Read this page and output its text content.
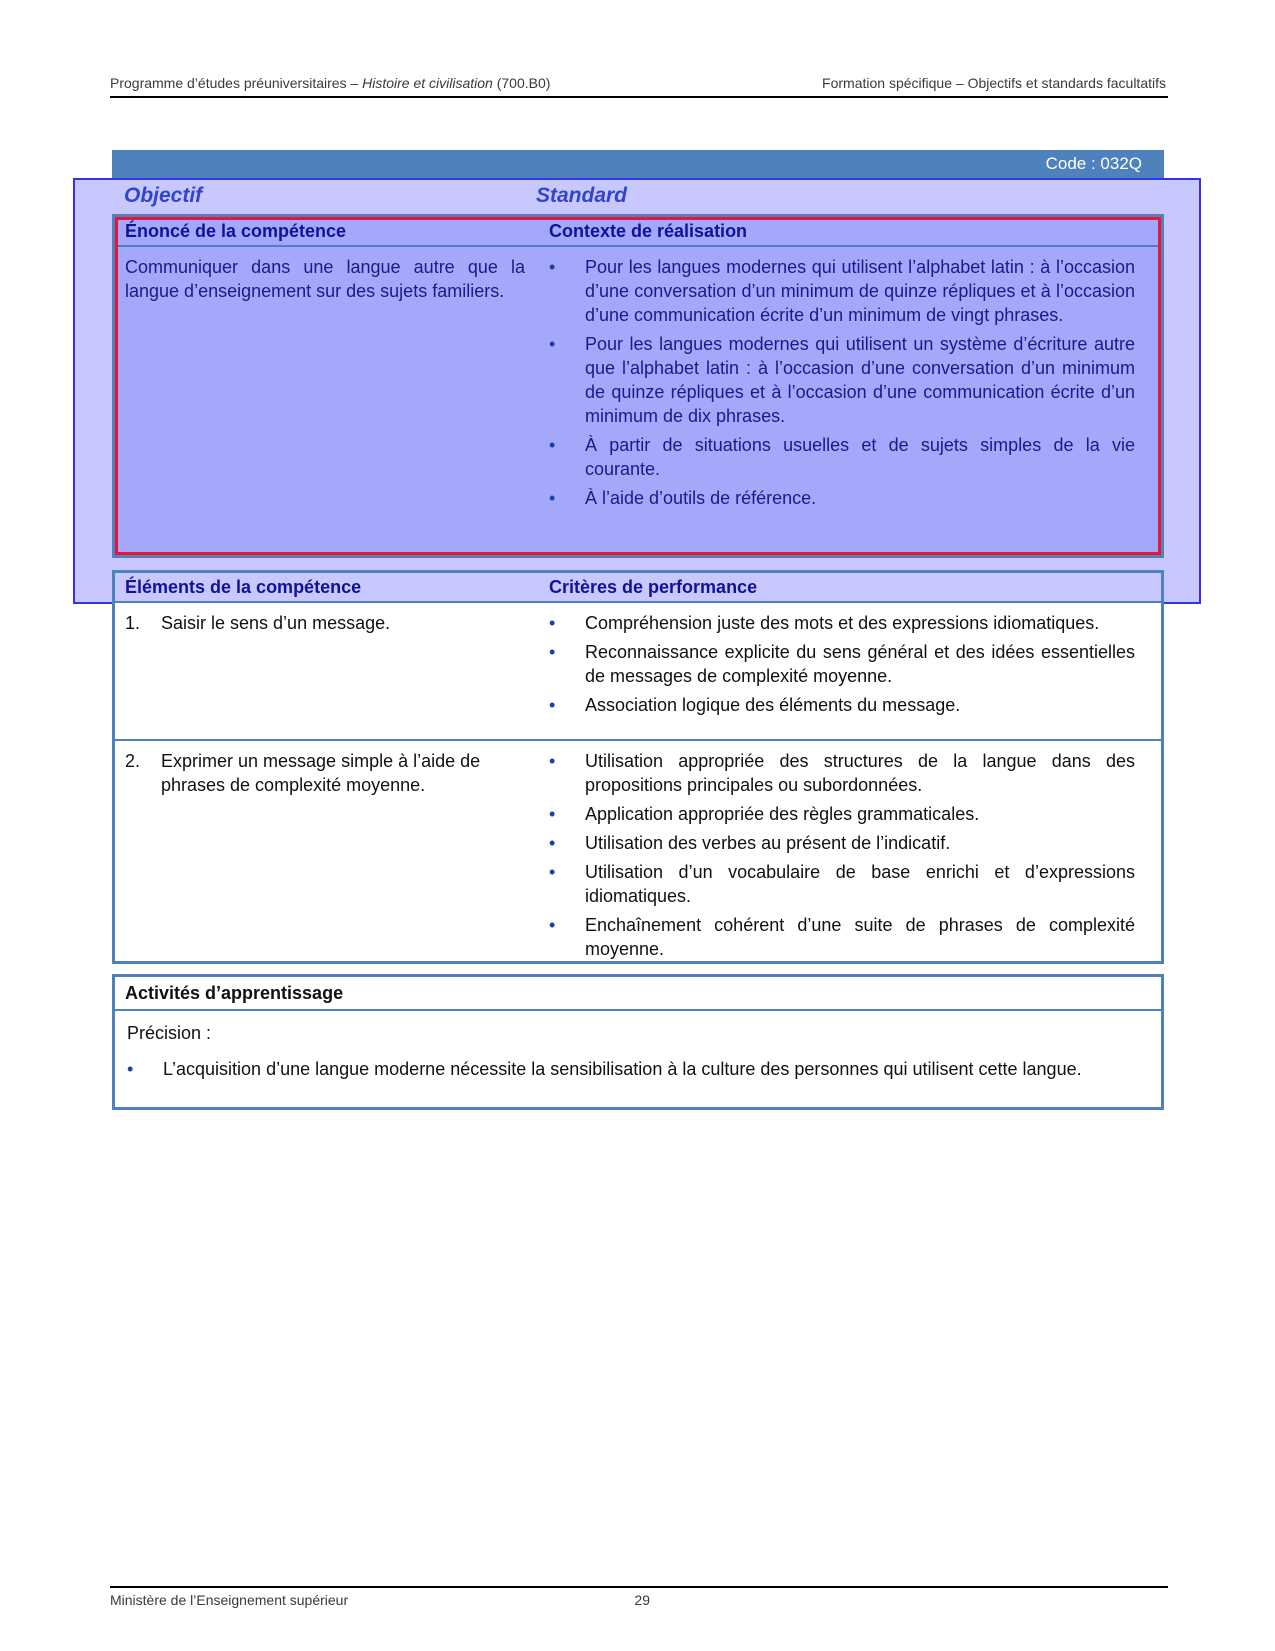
Programme d’études préuniversitaires – Histoire et civilisation (700.B0)	Formation spécifique – Objectifs et standards facultatifs
Code : 032Q
Objectif	Standard
Énoncé de la compétence	Contexte de réalisation
Communiquer dans une langue autre que la langue d’enseignement sur des sujets familiers.
• Pour les langues modernes qui utilisent l’alphabet latin : à l’occasion d’une conversation d’un minimum de quinze répliques et à l’occasion d’une communication écrite d’un minimum de vingt phrases.
• Pour les langues modernes qui utilisent un système d’écriture autre que l’alphabet latin : à l’occasion d’une conversation d’un minimum de quinze répliques et à l’occasion d’une communication écrite d’un minimum de dix phrases.
• À partir de situations usuelles et de sujets simples de la vie courante.
• À l’aide d’outils de référence.
Éléments de la compétence	Critères de performance
1.	Saisir le sens d’un message.
•	Compréhension juste des mots et des expressions idiomatiques.
• Reconnaissance explicite du sens général et des idées essentielles de messages de complexité moyenne.
• Association logique des éléments du message.
2.	Exprimer un message simple à l’aide de phrases de complexité moyenne.
• Utilisation appropriée des structures de la langue dans des propositions principales ou subordonnées.
• Application appropriée des règles grammaticales.
• Utilisation des verbes au présent de l’indicatif.
• Utilisation d’un vocabulaire de base enrichi et d’expressions idiomatiques.
• Enchaînement cohérent d’une suite de phrases de complexité moyenne.
Activités d’apprentissage
Précision :
• L’acquisition d’une langue moderne nécessite la sensibilisation à la culture des personnes qui utilisent cette langue.
Ministère de l’Enseignement supérieur	29
